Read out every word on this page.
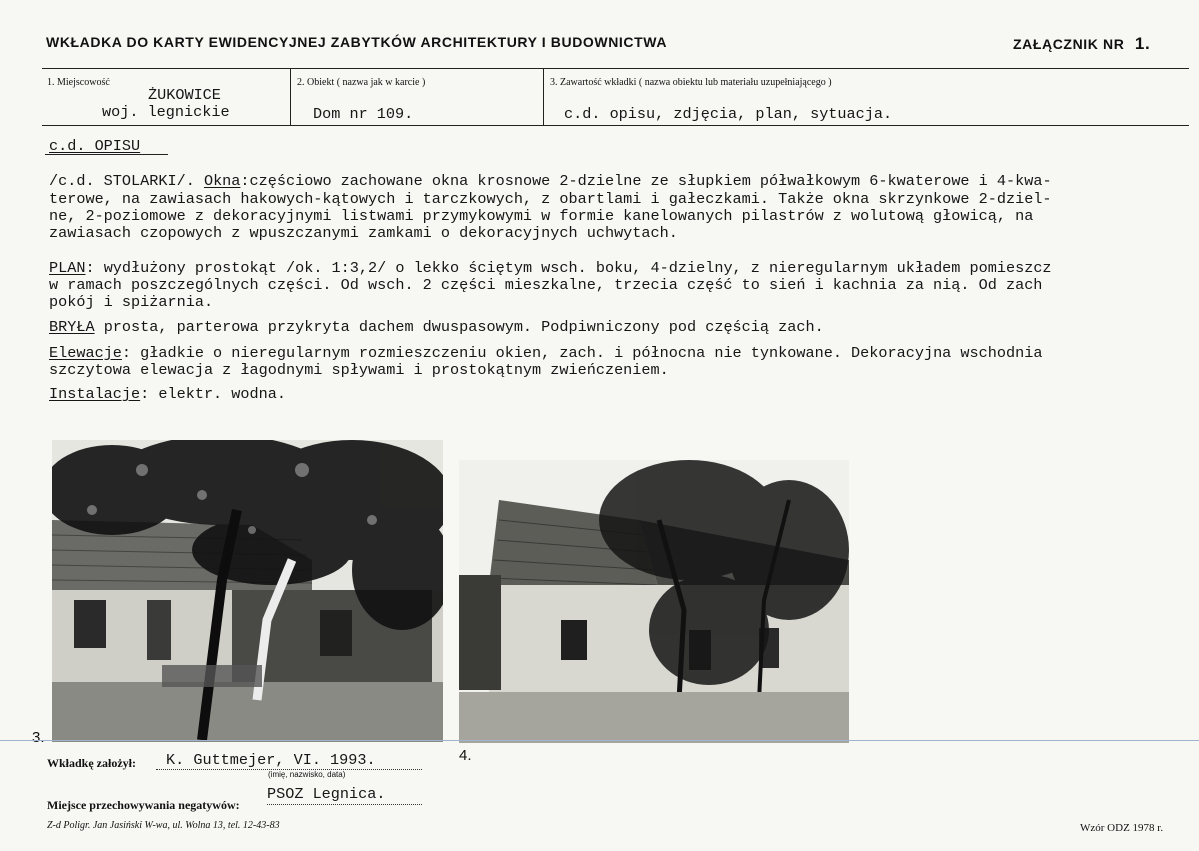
WKŁADKA DO KARTY EWIDENCYJNEJ ZABYTKÓW ARCHITEKTURY I BUDOWNICTWA	ZAŁĄCZNIK NR 1.
1. Miejscowość
ŻUKOWICE
woj. legnickie
2. Obiekt ( nazwa jak w karcie )
Dom nr 109.
3. Zawartość wkładki ( nazwa obiektu lub materiału uzupełniającego )
c.d. opisu, zdjęcia, plan, sytuacja.
c.d. OPISU
/c.d. STOLARKI/. Okna:częściowo zachowane okna krosnowe 2-dzielne ze słupkiem półwałkowym 6-kwaterowe i 4-kwa-
terowe, na zawiasach hakowych-kątowych i tarczkowych, z obartlami i gałeczkami. Także okna skrzynkowe 2-dziel-
ne, 2-poziomowe z dekoracyjnymi listwami przymykowymi w formie kanelowanych pilastrów z wolutową głowicą, na
zawiasach czopowych z wpuszczanymi zamkami o dekoracyjnych uchwytach.
PLAN: wydłużony prostokąt /ok. 1:3,2/ o lekko ściętym wsch. boku, 4-dzielny, z nieregularnym układem pomieszcz
w ramach poszczególnych części. Od wsch. 2 części mieszkalne, trzecia część to sień i kachnia za nią. Od zach
pokój i spiżarnia.
BRYŁA prosta, parterowa przykryta dachem dwuspasowym. Podpiwniczony pod częścią zach.
Elewacje: gładkie o nieregularnym rozmieszczeniu okien, zach. i północna nie tynkowane. Dekoracyjna wschodnia
szczytowa elewacja z łagodnymi spływami i prostokątnym zwieńczeniem.
Instalacje: elektr. wodna.
3.
4.
Wkładkę założył:	K. Guttmejer, VI. 1993.
(imię, nazwisko, data)
Miejsce przechowywania negatywów:
PSOZ Legnica.
Z-d Poligr. Jan Jasiński W-wa, ul. Wolna 13, tel. 12-43-83	Wzór ODZ 1978 r.
